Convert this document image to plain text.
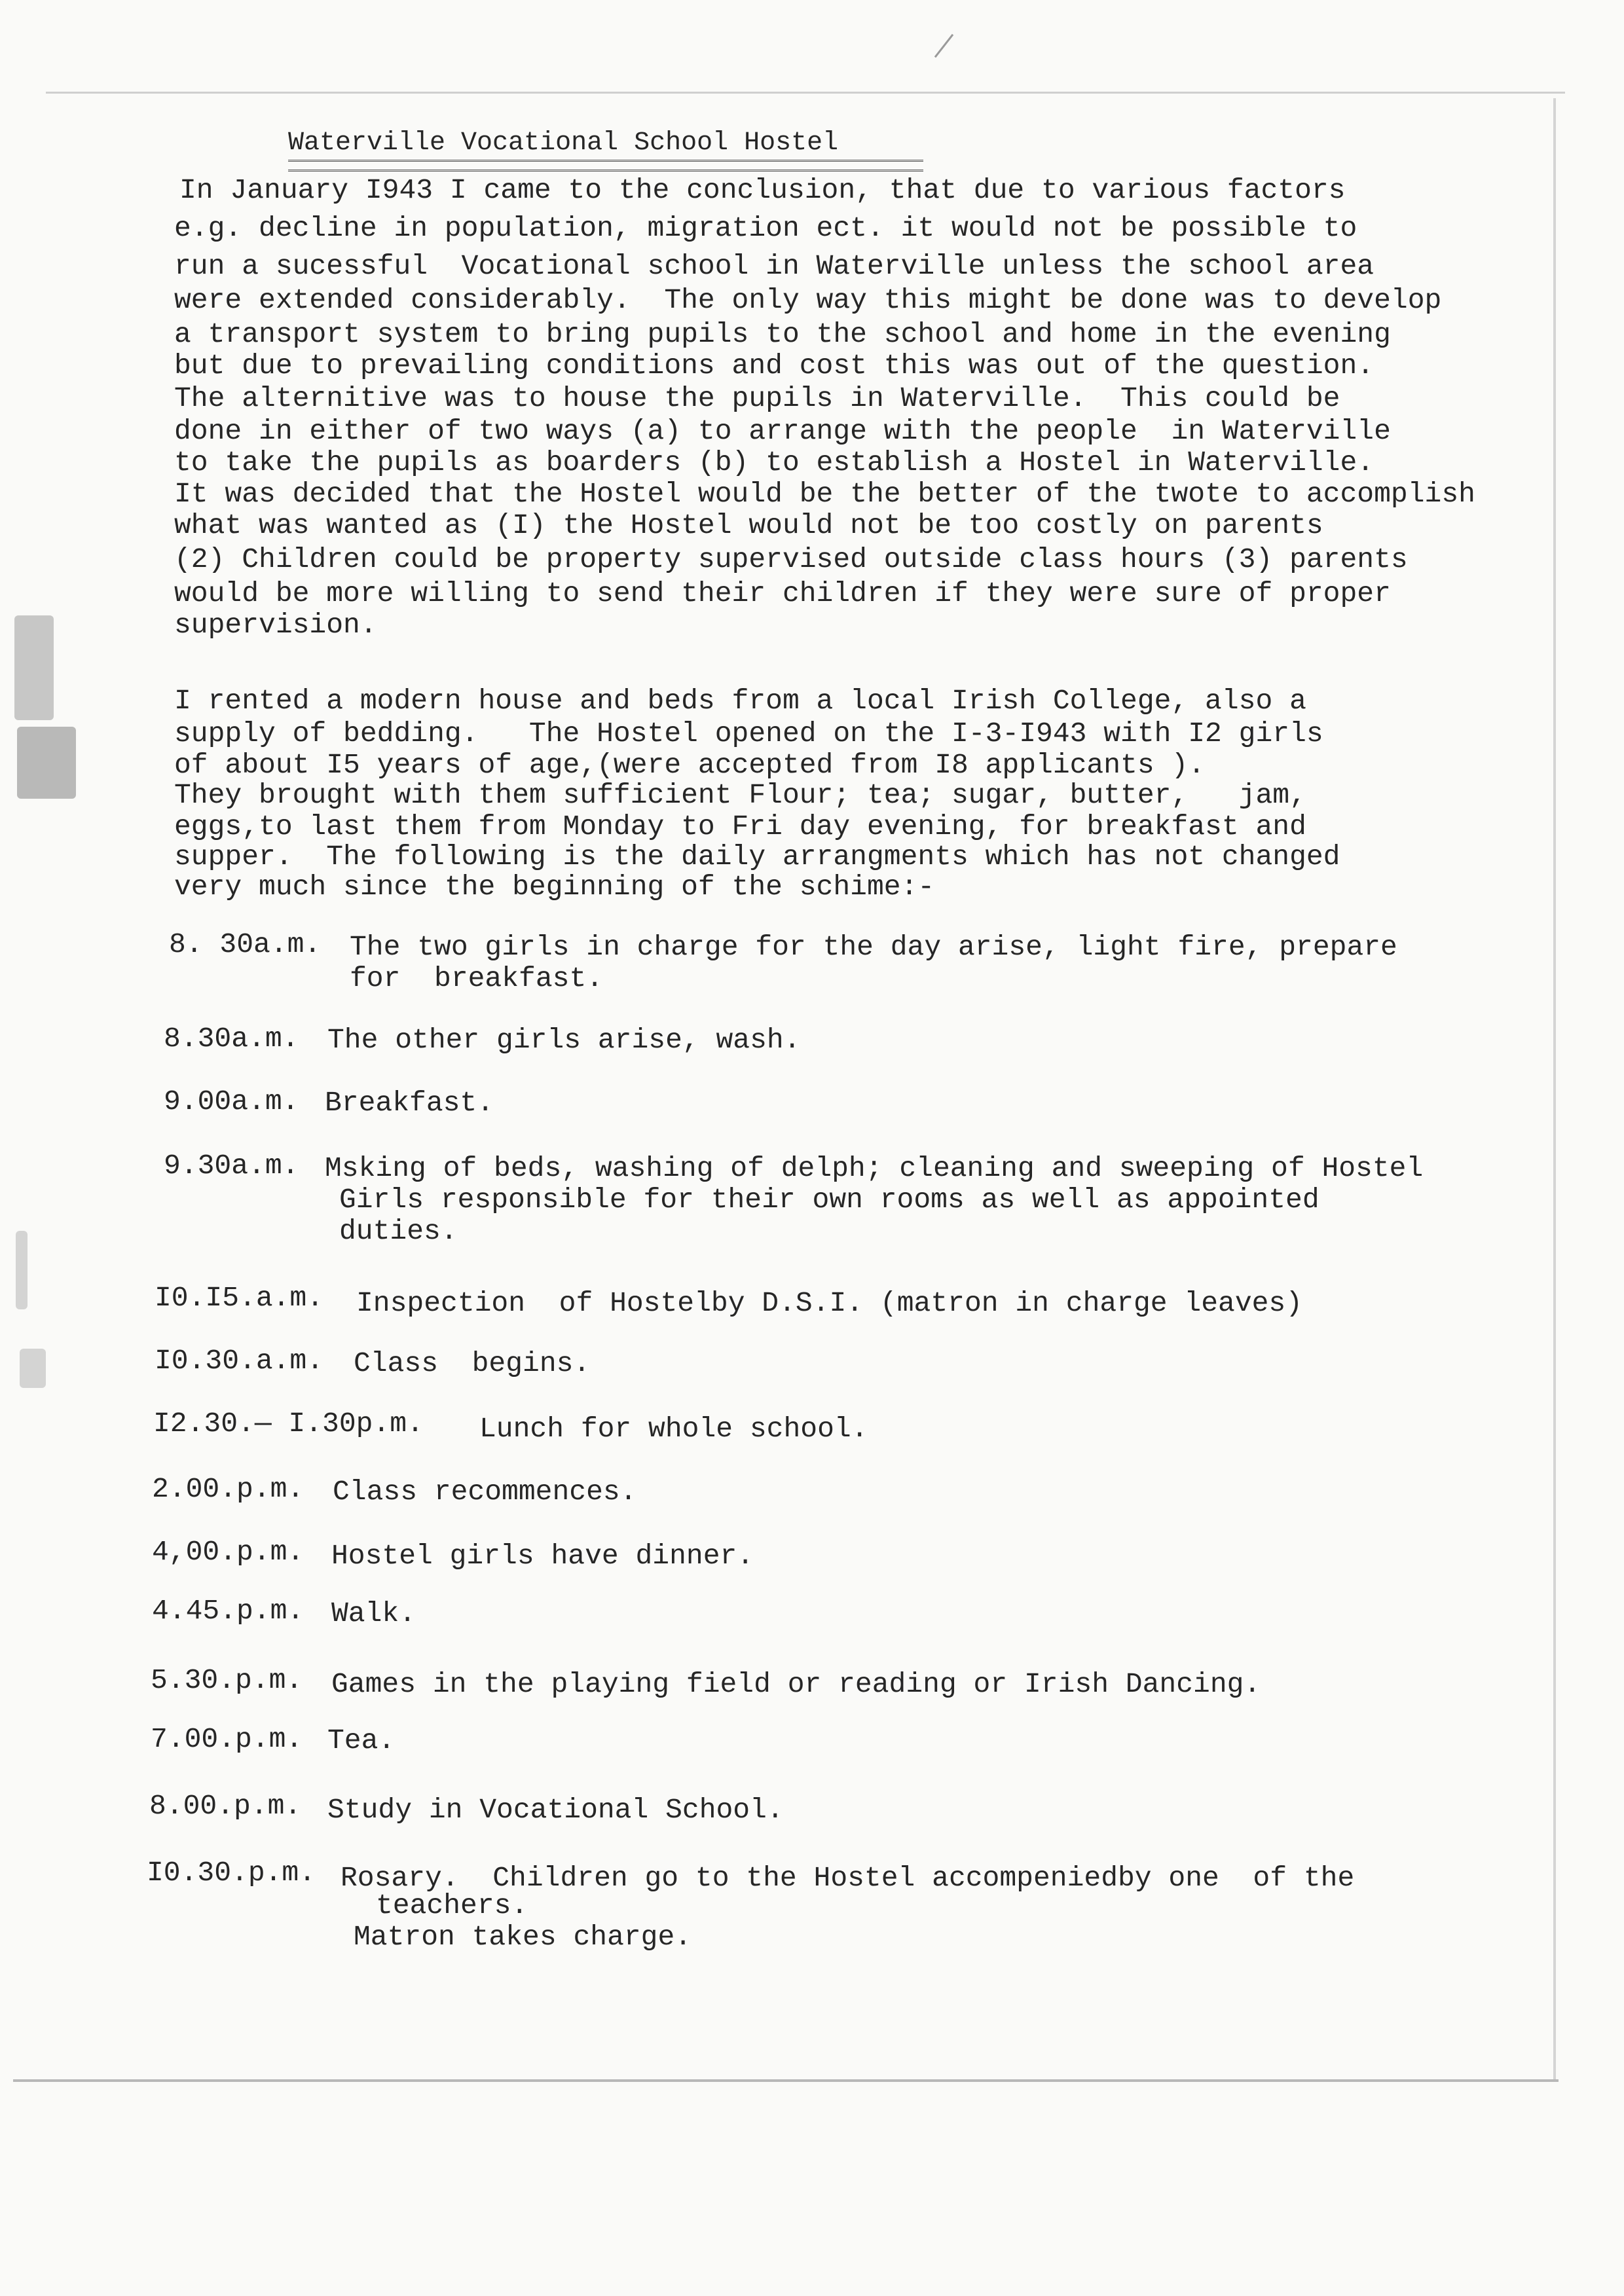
Waterville Vocational School Hostel
In January I943 I came to the conclusion, that due to various factors
e.g. decline in population, migration ect. it would not be possible to
run a sucessful  Vocational school in Waterville unless the school area
were extended considerably.  The only way this might be done was to develop
a transport system to bring pupils to the school and home in the evening
but due to prevailing conditions and cost this was out of the question.
The alternitive was to house the pupils in Waterville.  This could be
done in either of two ways (a) to arrange with the people  in Waterville
to take the pupils as boarders (b) to establish a Hostel in Waterville.
It was decided that the Hostel would be the better of the twote to accomplish
what was wanted as (I) the Hostel would not be too costly on parents
(2) Children could be property supervised outside class hours (3) parents
would be more willing to send their children if they were sure of proper
supervision.
I rented a modern house and beds from a local Irish College, also a
supply of bedding.   The Hostel opened on the I-3-I943 with I2 girls
of about I5 years of age,(were accepted from I8 applicants ).
They brought with them sufficient Flour; tea; sugar, butter,   jam,
eggs,to last them from Monday to Fri day evening, for breakfast and
supper.  The following is the daily arrangments which has not changed
very much since the beginning of the schime:-
8. 30a.m. The two girls in charge for the day arise, light fire, prepare
for  breakfast.
8.30a.m. The other girls arise, wash.
9.00a.m. Breakfast.
9.30a.m. Msking of beds, washing of delph; cleaning and sweeping of Hostel
Girls responsible for their own rooms as well as appointed
duties.
I0.I5.a.m. Inspection  of Hostelby D.S.I. (matron in charge leaves)
I0.30.a.m. Class  begins.
I2.30.— I.30p.m. Lunch for whole school.
2.00.p.m. Class recommences.
4,00.p.m. Hostel girls have dinner.
4.45.p.m. Walk.
5.30.p.m. Games in the playing field or reading or Irish Dancing.
7.00.p.m. Tea.
8.00.p.m. Study in Vocational School.
I0.30.p.m. Rosary.  Children go to the Hostel accompeniedby one  of the
teachers.
Matron takes charge.
